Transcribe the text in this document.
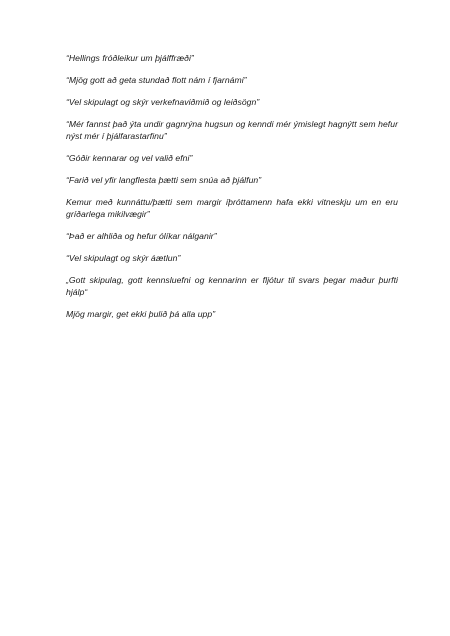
“Hellings fróðleikur um þjálffræði”
“Mjög gott að geta stundað flott nám í fjarnámi”
“Vel skipulagt og skýr verkefnaviðmið og leiðsögn”
“Mér fannst það ýta undir gagnrýna hugsun og kenndi mér ýmislegt hagnýtt sem hefur nýst mér í þjálfarastarfinu”
“Góðir kennarar og vel valið efni”
“Farið vel yfir langflesta þætti sem snúa að þjálfun”
Kemur með kunnáttu/þætti sem margir íþróttamenn hafa ekki vitneskju um en eru gríðarlega mikilvægir”
“Það er alhliða og hefur ólíkar nálganir”
“Vel skipulagt og skýr áætlun”
„Gott skipulag, gott kennsluefni og kennarinn er fljótur til svars þegar maður þurfti hjálp“
Mjög margir, get ekki þulið þá alla upp”
